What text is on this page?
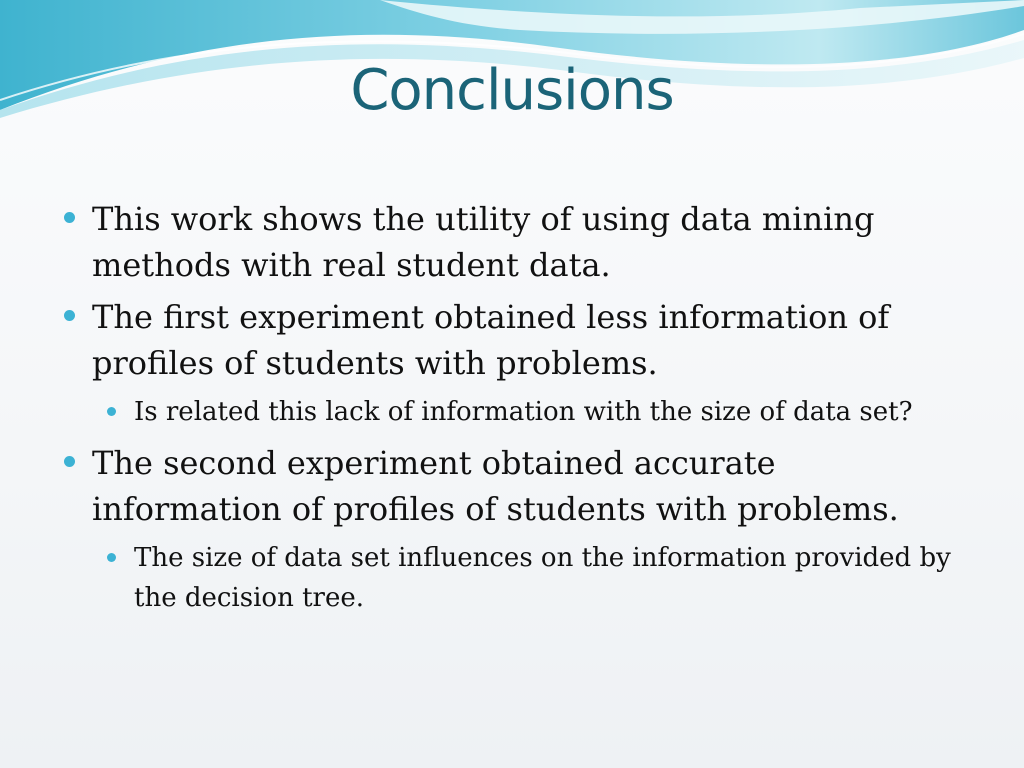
Conclusions

This work shows the utility of using data mining methods with real student data.

The first experiment obtained less information of profiles of students with problems.

Is related this lack of information with the size of data set?

The second experiment obtained accurate information of profiles of students with problems.

The size of data set influences on the information provided by the decision tree.
